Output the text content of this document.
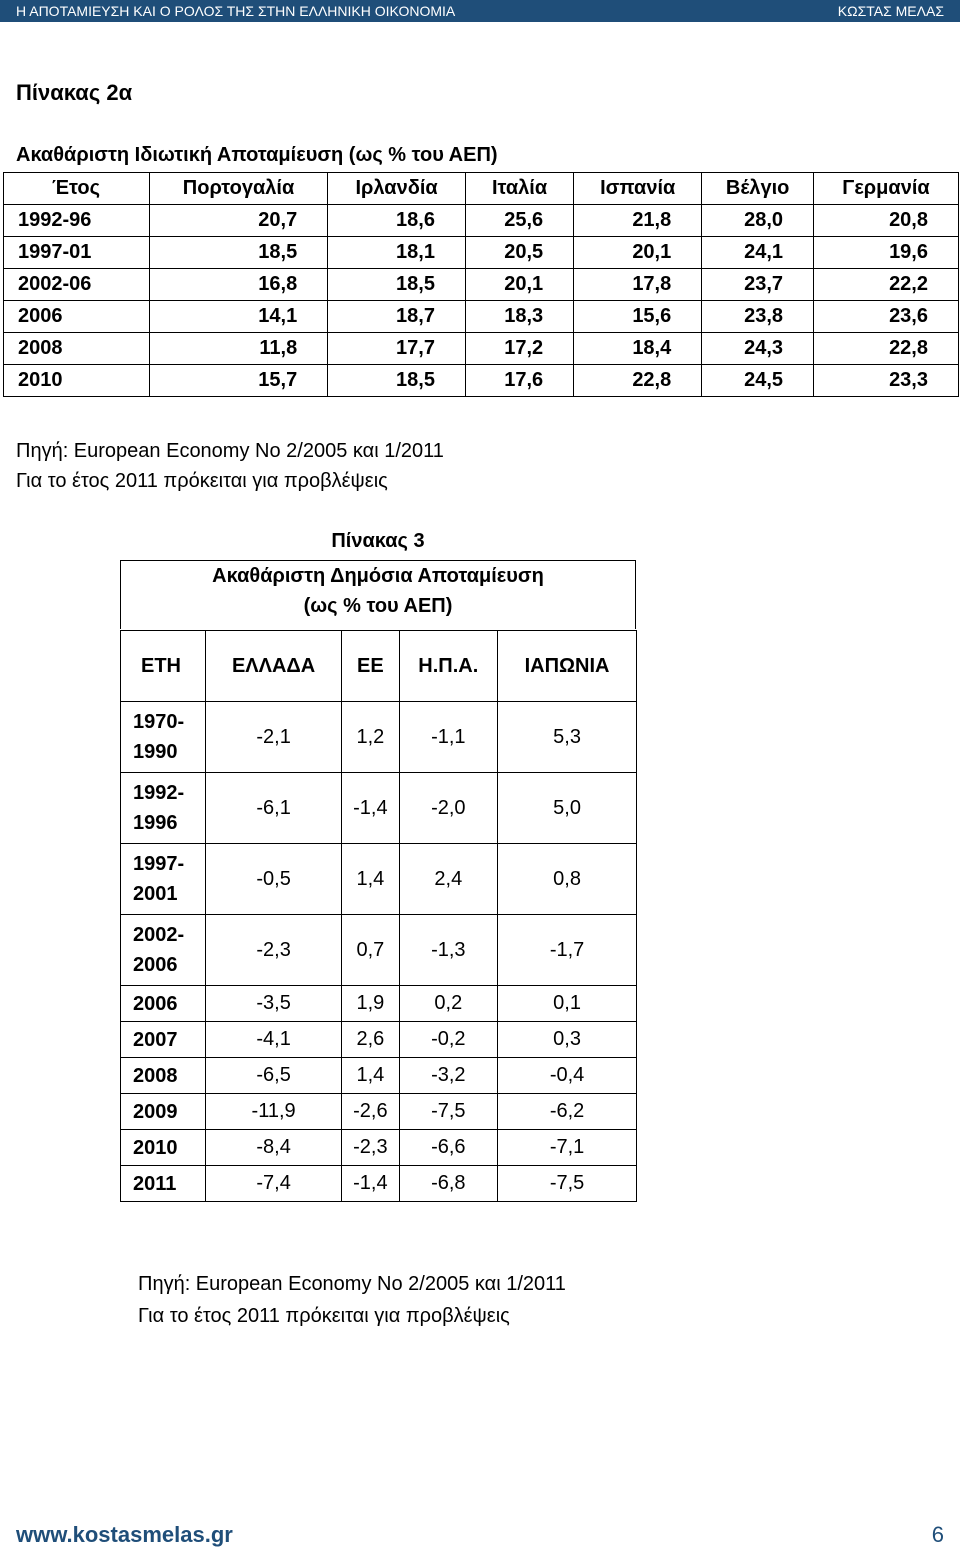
Η ΑΠΟΤΑΜΙΕΥΣΗ ΚΑΙ Ο ΡΟΛΟΣ ΤΗΣ ΣΤΗΝ ΕΛΛΗΝΙΚΗ ΟΙΚΟΝΟΜΙΑ	ΚΩΣΤΑΣ ΜΕΛΑΣ
Πίνακας 2α
Ακαθάριστη Ιδιωτική Αποταμίευση (ως % του ΑΕΠ)
Έτος	Πορτογαλία	Ιρλανδία	Ιταλία	Ισπανία	Βέλγιο	Γερμανία
1992-96	20,7	18,6	25,6	21,8	28,0	20,8
1997-01	18,5	18,1	20,5	20,1	24,1	19,6
2002-06	16,8	18,5	20,1	17,8	23,7	22,2
2006	14,1	18,7	18,3	15,6	23,8	23,6
2008	11,8	17,7	17,2	18,4	24,3	22,8
2010	15,7	18,5	17,6	22,8	24,5	23,3
Πηγή: European Economy No 2/2005 και 1/2011
Για το έτος 2011 πρόκειται για προβλέψεις
Πίνακας 3
Ακαθάριστη Δημόσια Αποταμίευση
(ως % του ΑΕΠ)
ΕΤΗ	ΕΛΛΑΔΑ	ΕΕ	Η.Π.Α.	ΙΑΠΩΝΙΑ

1970-
1990	-2,1	1,2	-1,1	5,3

1992-
1996	-6,1	-1,4	-2,0	5,0

1997-
2001	-0,5	1,4	2,4	0,8

2002-
2006	-2,3	0,7	-1,3	-1,7

2006	-3,5	1,9	0,2	0,1

2007	-4,1	2,6	-0,2	0,3

2008	-6,5	1,4	-3,2	-0,4

2009	-11,9	-2,6	-7,5	-6,2

2010	-8,4	-2,3	-6,6	-7,1

2011	-7,4	-1,4	-6,8	-7,5
Πηγή: European Economy No 2/2005 και 1/2011
Για το έτος 2011 πρόκειται για προβλέψεις
www.kostasmelas.gr	6
